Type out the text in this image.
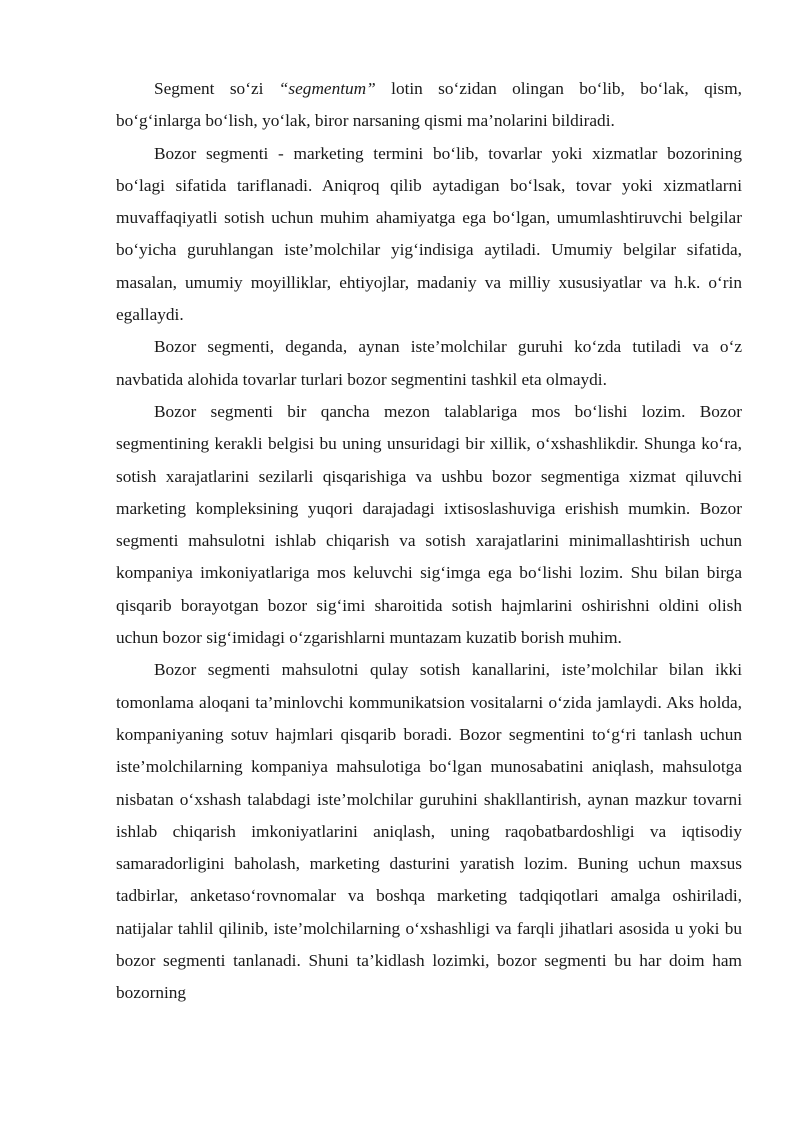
Segment so‘zi “segmentum” lotin so‘zidan olingan bo‘lib, bo‘lak, qism, bo‘g‘inlarga bo‘lish, yo‘lak, biror narsaning qismi ma’nolarini bildiradi.

Bozor segmenti - marketing termini bo‘lib, tovarlar yoki xizmatlar bozorining bo‘lagi sifatida tariflanadi. Aniqroq qilib aytadigan bo‘lsak, tovar yoki xizmatlarni muvaffaqiyatli sotish uchun muhim ahamiyatga ega bo‘lgan, umumlashtiruvchi belgilar bo‘yicha guruhlangan iste’molchilar yig‘indisiga aytiladi. Umumiy belgilar sifatida, masalan, umumiy moyilliklar, ehtiyojlar, madaniy va milliy xususiyatlar va h.k. o‘rin egallaydi.

Bozor segmenti, deganda, aynan iste’molchilar guruhi ko‘zda tutiladi va o‘z navbatida alohida tovarlar turlari bozor segmentini tashkil eta olmaydi.

Bozor segmenti bir qancha mezon talablariga mos bo‘lishi lozim. Bozor segmentining kerakli belgisi bu uning unsuridagi bir xillik, o‘xshashlikdir. Shunga ko‘ra, sotish xarajatlarini sezilarli qisqarishiga va ushbu bozor segmentiga xizmat qiluvchi marketing kompleksining yuqori darajadagi ixtisoslashuviga erishish mumkin. Bozor segmenti mahsulotni ishlab chiqarish va sotish xarajatlarini minimallashtirish uchun kompaniya imkoniyatlariga mos keluvchi sig‘imga ega bo‘lishi lozim. Shu bilan birga qisqarib borayotgan bozor sig‘imi sharoitida sotish hajmlarini oshirishni oldini olish uchun bozor sig‘imidagi o‘zgarishlarni muntazam kuzatib borish muhim.

Bozor segmenti mahsulotni qulay sotish kanallarini, iste’molchilar bilan ikki tomonlama aloqani ta’minlovchi kommunikatsion vositalarni o‘zida jamlaydi. Aks holda, kompaniyaning sotuv hajmlari qisqarib boradi. Bozor segmentini to‘g‘ri tanlash uchun iste’molchilarning kompaniya mahsulotiga bo‘lgan munosabatini aniqlash, mahsulotga nisbatan o‘xshash talabdagi iste’molchilar guruhini shakllantirish, aynan mazkur tovarni ishlab chiqarish imkoniyatlarini aniqlash, uning raqobatbardoshligi va iqtisodiy samaradorligini baholash, marketing dasturini yaratish lozim. Buning uchun maxsus tadbirlar, anketaso‘rovnomalar va boshqa marketing tadqiqotlari amalga oshiriladi, natijalar tahlil qilinib, iste’molchilarning o‘xshashligi va farqli jihatlari asosida u yoki bu bozor segmenti tanlanadi. Shuni ta’kidlash lozimki, bozor segmenti bu har doim ham bozorning
